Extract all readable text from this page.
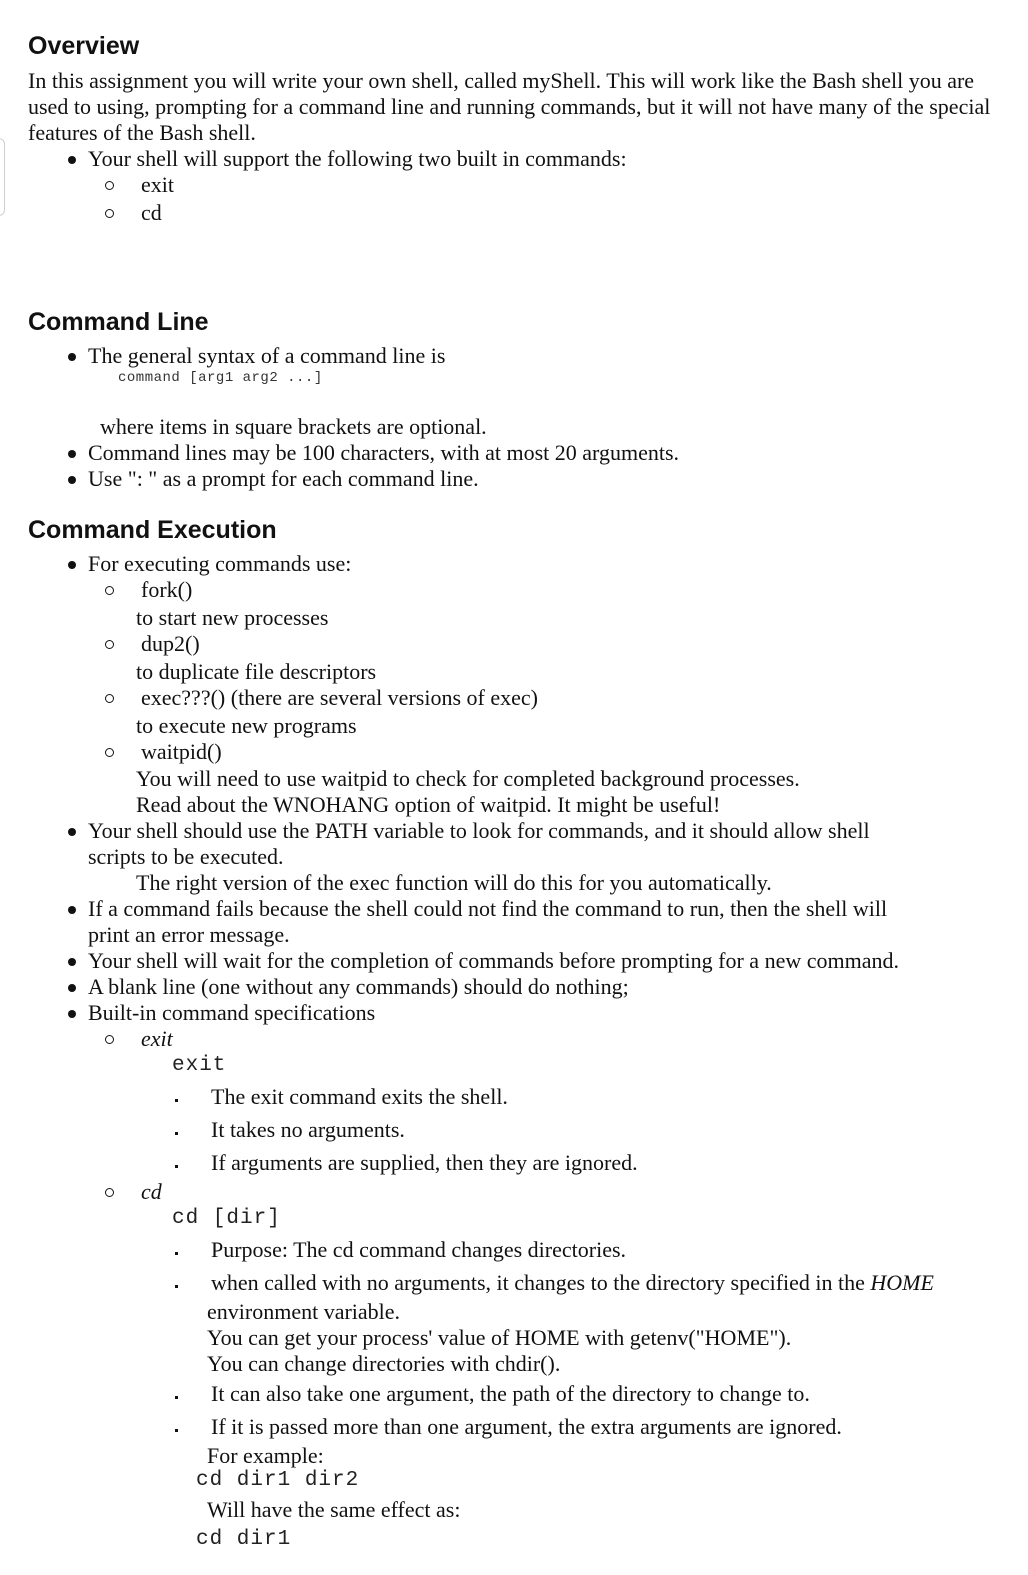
Overview

In this assignment you will write your own shell, called myShell. This will work like the Bash shell you are used to using, prompting for a command line and running commands, but it will not have many of the special features of the Bash shell.

Your shell will support the following two built in commands:
exit
cd
Command Line
The general syntax of a command line is
command [arg1 arg2 ...]
where items in square brackets are optional.
Command lines may be 100 characters, with at most 20 arguments.
Use ": " as a prompt for each command line.
Command Execution
For executing commands use:
fork()
to start new processes
dup2()
to duplicate file descriptors
exec???() (there are several versions of exec)
to execute new programs
waitpid()
You will need to use waitpid to check for completed background processes.
Read about the WNOHANG option of waitpid. It might be useful!
Your shell should use the PATH variable to look for commands, and it should allow shell
scripts to be executed.
The right version of the exec function will do this for you automatically.
If a command fails because the shell could not find the command to run, then the shell will
print an error message.
Your shell will wait for the completion of commands before prompting for a new command.
A blank line (one without any commands) should do nothing;
Built-in command specifications
exit
exit
The exit command exits the shell.
It takes no arguments.
If arguments are supplied, then they are ignored.
cd
cd [dir]
Purpose: The cd command changes directories.
when called with no arguments, it changes to the directory specified in the HOME
environment variable.
You can get your process' value of HOME with getenv("HOME").
You can change directories with chdir().
It can also take one argument, the path of the directory to change to.
If it is passed more than one argument, the extra arguments are ignored.
For example:
cd dir1 dir2
Will have the same effect as:
cd dir1
